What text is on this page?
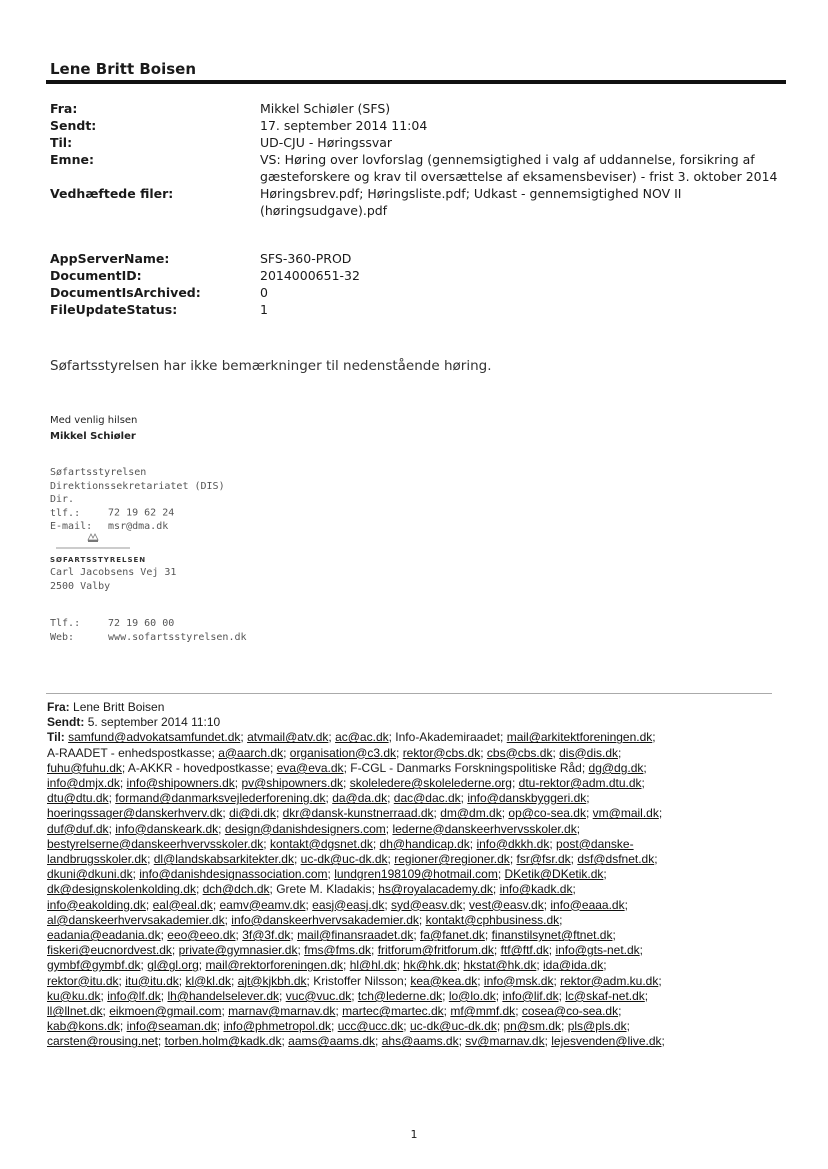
Lene Britt Boisen
Fra:	Mikkel Schiøler (SFS)
Sendt:	17. september 2014 11:04
Til:	UD-CJU - Høringssvar
Emne:	VS: Høring over lovforslag (gennemsigtighed i valg af uddannelse, forsikring af gæsteforskere og krav til oversættelse af eksamensbeviser) - frist 3. oktober 2014
Vedhæftede filer:	Høringsbrev.pdf; Høringsliste.pdf; Udkast - gennemsigtighed NOV II (høringsudgave).pdf
AppServerName:	SFS-360-PROD
DocumentID:	2014000651-32
DocumentIsArchived:	0
FileUpdateStatus:	1
Søfartsstyrelsen har ikke bemærkninger til nedenstående høring.
Med venlig hilsen
Mikkel Schiøler
Søfartsstyrelsen
Direktionssekretariatet (DIS)
Dir. tlf.:	72 19 62 24
E-mail: msr@dma.dk
SØFARTSSTYRELSEN
Carl Jacobsens Vej 31
2500 Valby
Tlf.:	72 19 60 00
Web:	www.sofartsstyrelsen.dk
Fra: Lene Britt Boisen
Sendt: 5. september 2014 11:10
Til: samfund@advokatsamfundet.dk; atvmail@atv.dk; ac@ac.dk; Info-Akademiraadet; mail@arkitektforeningen.dk;
A-RAADET - enhedspostkasse; a@aarch.dk; organisation@c3.dk; rektor@cbs.dk; cbs@cbs.dk; dis@dis.dk;
fuhu@fuhu.dk; A-AKKR - hovedpostkasse; eva@eva.dk; F-CGL - Danmarks Forskningspolitiske Råd; dg@dg.dk;
info@dmjx.dk; info@shipowners.dk; pv@shipowners.dk; skoleledere@skolelederne.org; dtu-rektor@adm.dtu.dk;
dtu@dtu.dk; formand@danmarksvejlederforening.dk; da@da.dk; dac@dac.dk; info@danskbyggeri.dk;
hoeringssager@danskerhverv.dk; di@di.dk; dkr@dansk-kunstnerraad.dk; dm@dm.dk; op@co-sea.dk; vm@mail.dk;
duf@duf.dk; info@danskeark.dk; design@danishdesigners.com; lederne@danskeerhvervsskoler.dk;
bestyrelserne@danskeerhvervsskoler.dk; kontakt@dgsnet.dk; dh@handicap.dk; info@dkkh.dk; post@danske-
landbrugsskoler.dk; dl@landskabsarkitekter.dk; uc-dk@uc-dk.dk; regioner@regioner.dk; fsr@fsr.dk; dsf@dsfnet.dk;
dkuni@dkuni.dk; info@danishdesignassociation.com; lundgren198109@hotmail.com; DKetik@DKetik.dk;
dk@designskolenkolding.dk; dch@dch.dk; Grete M. Kladakis; hs@royalacademy.dk; info@kadk.dk;
info@eakolding.dk; eal@eal.dk; eamv@eamv.dk; easj@easj.dk; syd@easv.dk; vest@easv.dk; info@eaaa.dk;
al@danskeerhvervsakademier.dk; info@danskeerhvervsakademier.dk; kontakt@cphbusiness.dk;
eadania@eadania.dk; eeo@eeo.dk; 3f@3f.dk; mail@finansraadet.dk; fa@fanet.dk; finanstilsynet@ftnet.dk;
fiskeri@eucnordvest.dk; private@gymnasier.dk; fms@fms.dk; fritforum@fritforum.dk; ftf@ftf.dk; info@gts-net.dk;
gymbf@gymbf.dk; gl@gl.org; mail@rektorforeningen.dk; hl@hl.dk; hk@hk.dk; hkstat@hk.dk; ida@ida.dk;
rektor@itu.dk; itu@itu.dk; kl@kl.dk; ajt@kjkbh.dk; Kristoffer Nilsson; kea@kea.dk; info@msk.dk; rektor@adm.ku.dk;
ku@ku.dk; info@lf.dk; lh@handelselever.dk; vuc@vuc.dk; tch@lederne.dk; lo@lo.dk; info@lif.dk; lc@skaf-net.dk;
ll@llnet.dk; eikmoen@gmail.com; marnav@marnav.dk; martec@martec.dk; mf@mmf.dk; cosea@co-sea.dk;
kab@kons.dk; info@seaman.dk; info@phmetropol.dk; ucc@ucc.dk; uc-dk@uc-dk.dk; pn@sm.dk; pls@pls.dk;
carsten@rousing.net; torben.holm@kadk.dk; aams@aams.dk; ahs@aams.dk; sv@marnav.dk; lejesvenden@live.dk;
1
